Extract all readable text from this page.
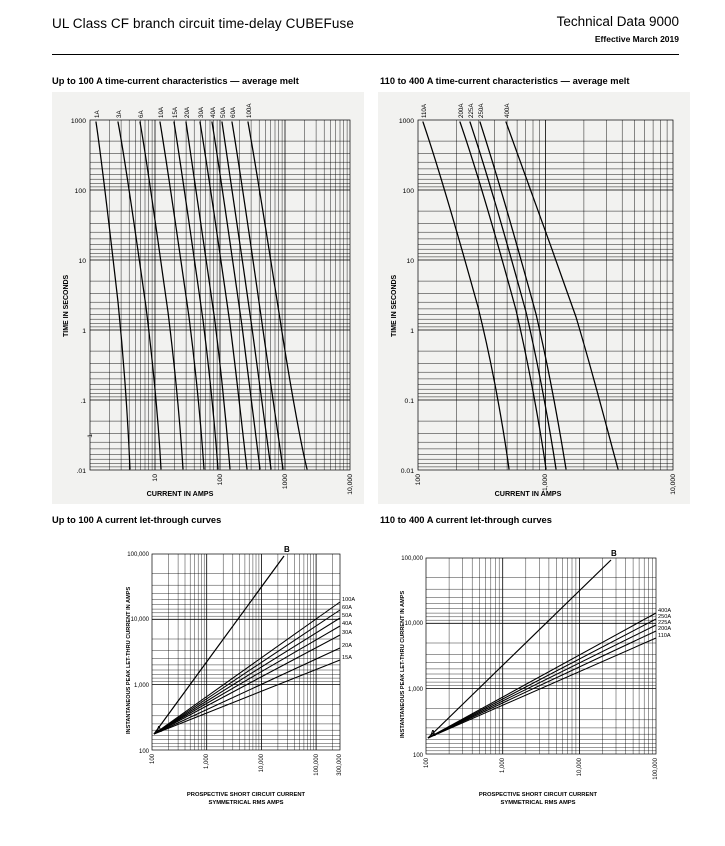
UL Class CF branch circuit time-delay CUBEFuse	Technical Data 9000
Effective March 2019
Up to 100 A time-current characteristics — average melt	110 to 400 A time-current characteristics — average melt
Up to 100 A current let-through curves	110 to 400 A current let-through curves
1
10	100	1000	10,000
1000
100
10
1
.1
.01
TIME IN SECONDS
CURRENT IN AMPS
1A 3A 6A 10A 15A 20A 30A 40A 50A 60A 100A
100	1,000	10,000
1000
100
10
1
0.1
0.01
TIME IN SECONDS
CURRENT IN AMPS
110A	200A 225A 250A	400A
A
B
100A
60A
50A
40A
30A
20A
15A
100,000
10,000
1,000
100
100	1,000	10,000	100,000	300,000
INSTANTANEOUS PEAK LET-THRU CURRENT IN AMPS
PROSPECTIVE SHORT CIRCUIT CURRENT
SYMMETRICAL RMS AMPS
A
B
400A
250A
225A
200A
110A
100,000
10,000
1,000
100
100	1,000	10,000	100,000
INSTANTANEOUS PEAK LET-THRU CURRENT IN AMPS
PROSPECTIVE SHORT CIRCUIT CURRENT
SYMMETRICAL RMS AMPS
